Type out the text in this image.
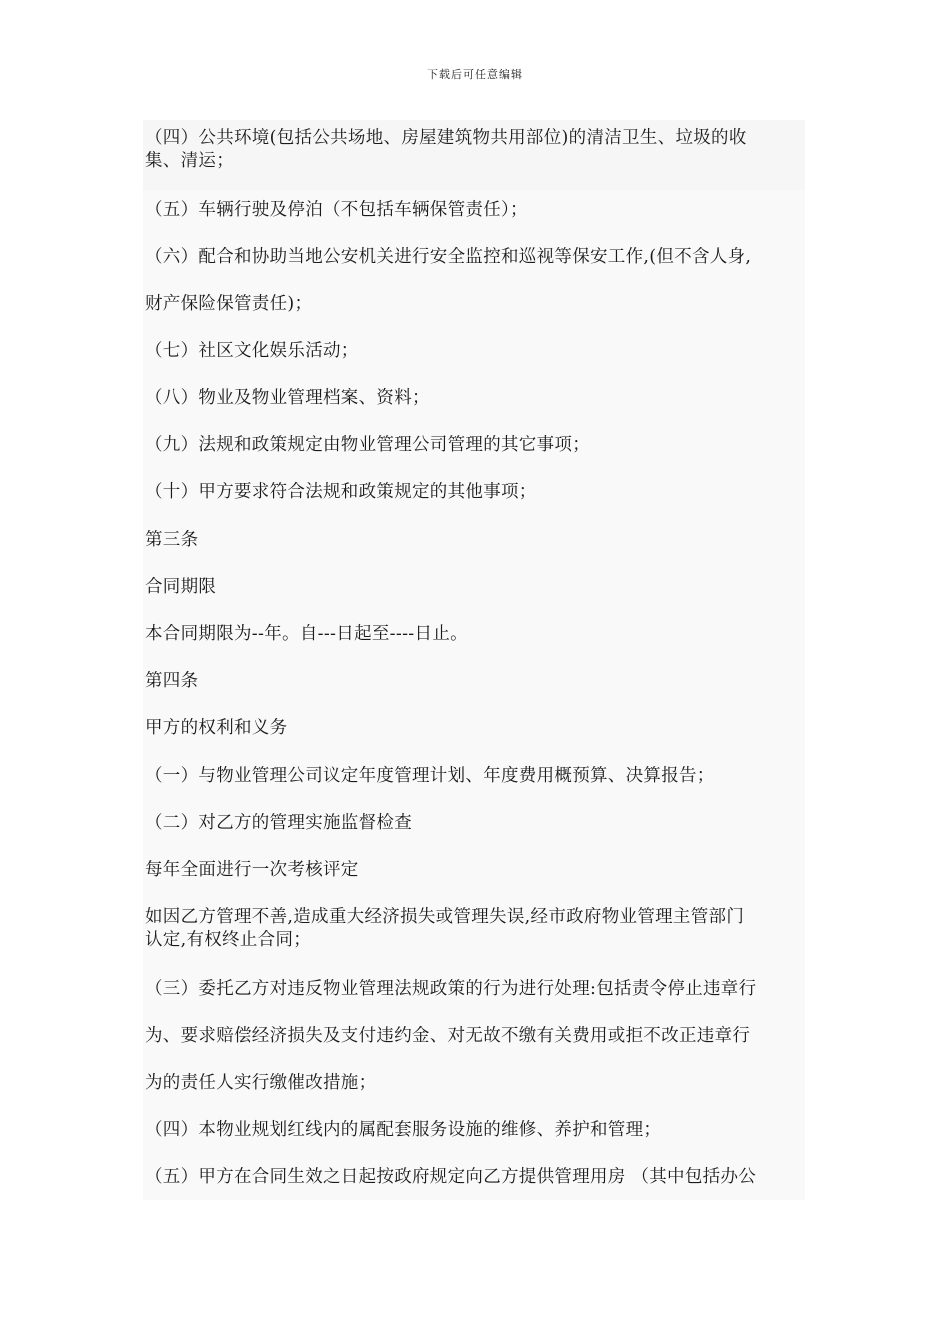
下载后可任意编辑
（四）公共环境(包括公共场地、房屋建筑物共用部位)的清洁卫生、垃圾的收
集、清运；
（五）车辆行驶及停泊（不包括车辆保管责任）；
（六）配合和协助当地公安机关进行安全监控和巡视等保安工作,(但不含人身,
财产保险保管责任)；
（七）社区文化娱乐活动；
（八）物业及物业管理档案、资料；
（九）法规和政策规定由物业管理公司管理的其它事项；
（十）甲方要求符合法规和政策规定的其他事项；
第三条
合同期限
本合同期限为--年。自---日起至----日止。
第四条
甲方的权利和义务
（一）与物业管理公司议定年度管理计划、年度费用概预算、决算报告；
（二）对乙方的管理实施监督检查
每年全面进行一次考核评定
如因乙方管理不善,造成重大经济损失或管理失误,经市政府物业管理主管部门
认定,有权终止合同；
（三）委托乙方对违反物业管理法规政策的行为进行处理:包括责令停止违章行
为、要求赔偿经济损失及支付违约金、对无故不缴有关费用或拒不改正违章行
为的责任人实行缴催改措施；
（四）本物业规划红线内的属配套服务设施的维修、养护和管理；
（五）甲方在合同生效之日起按政府规定向乙方提供管理用房 （其中包括办公
